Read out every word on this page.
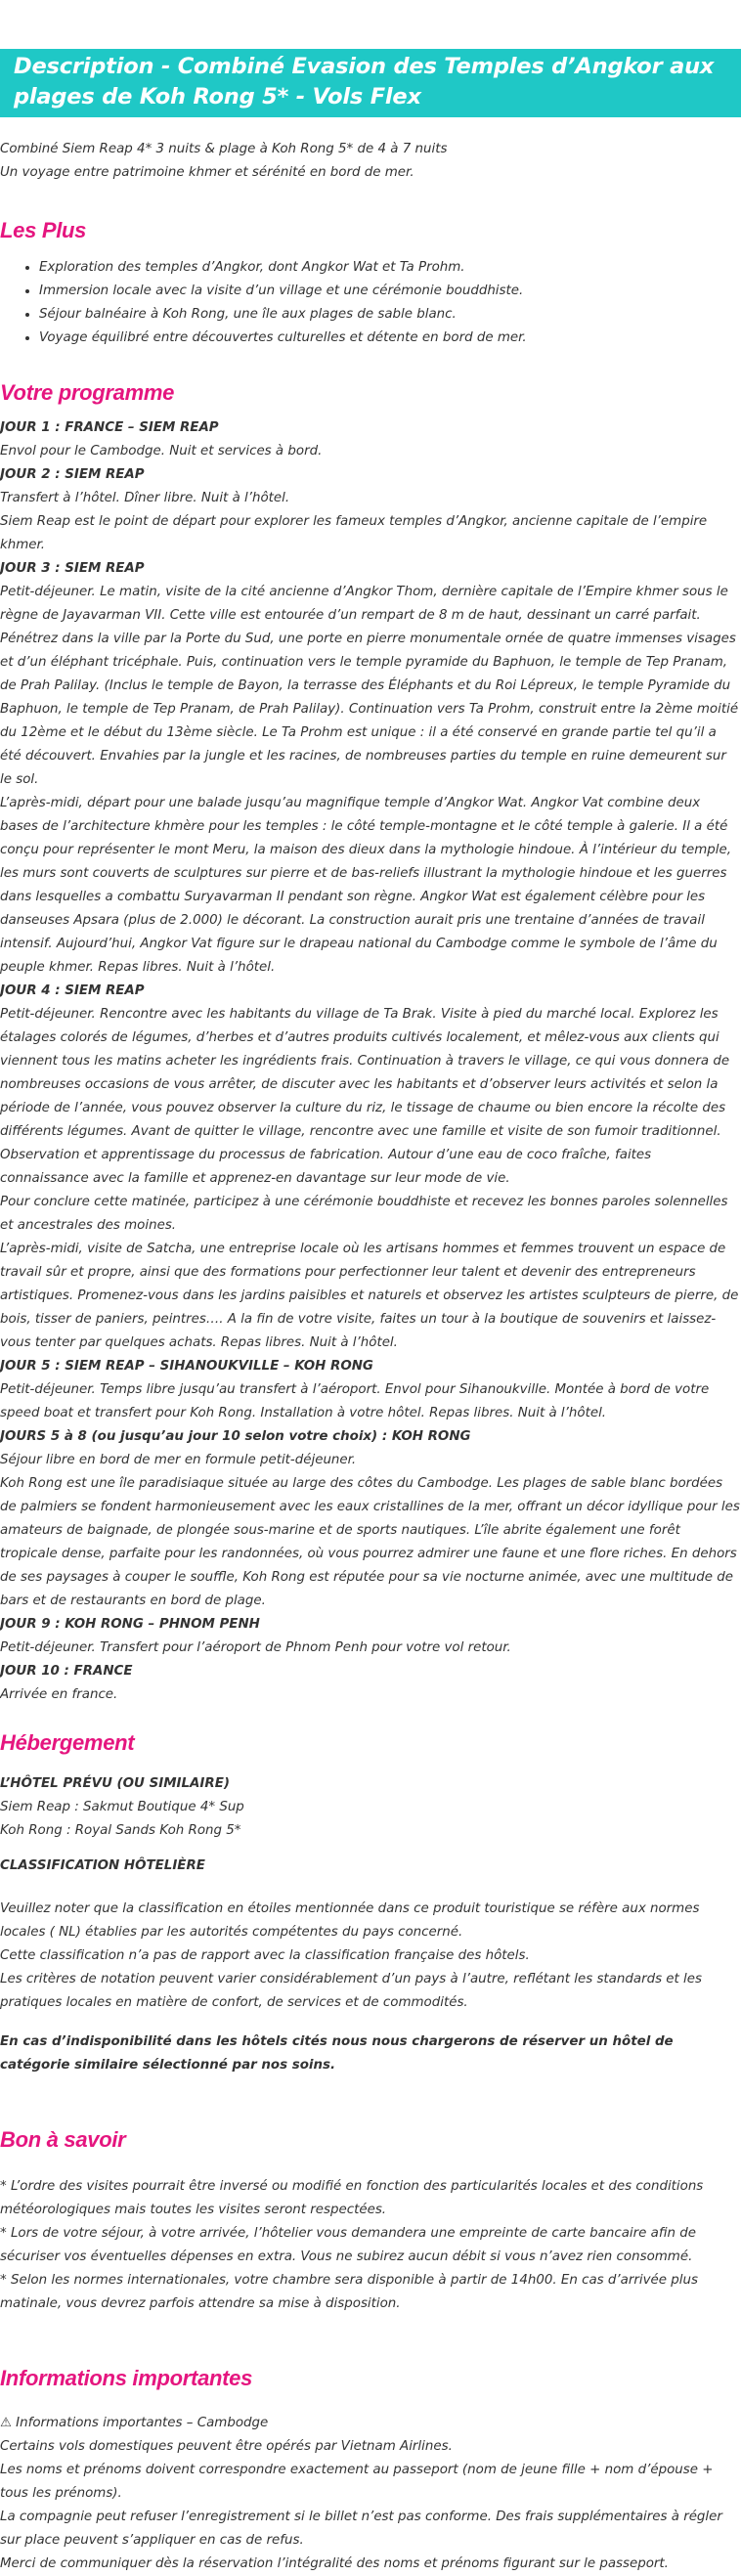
Description - Combiné Evasion des Temples d’Angkor aux plages de Koh Rong 5* - Vols Flex

Combiné Siem Reap 4* 3 nuits & plage à Koh Rong 5* de 4 à 7 nuits

Un voyage entre patrimoine khmer et sérénité en bord de mer.

Les Plus
• Exploration des temples d’Angkor, dont Angkor Wat et Ta Prohm.
• Immersion locale avec la visite d’un village et une cérémonie bouddhiste.
• Séjour balnéaire à Koh Rong, une île aux plages de sable blanc.
• Voyage équilibré entre découvertes culturelles et détente en bord de mer.
Votre programme

JOUR 1 : FRANCE – SIEM REAP

Envol pour le Cambodge. Nuit et services à bord.

JOUR 2 : SIEM REAP

Transfert à l’hôtel. Dîner libre. Nuit à l’hôtel.

Siem Reap est le point de départ pour explorer les fameux temples d’Angkor, ancienne capitale de l’empire khmer.

JOUR 3 : SIEM REAP

Petit-déjeuner. Le matin, visite de la cité ancienne d’Angkor Thom, dernière capitale de l’Empire khmer sous le règne de Jayavarman VII. Cette ville est entourée d’un rempart de 8 m de haut, dessinant un carré parfait. Pénétrez dans la ville par la Porte du Sud, une porte en pierre monumentale ornée de quatre immenses visages et d’un éléphant tricéphale. Puis, continuation vers le temple pyramide du Baphuon, le temple de Tep Pranam, de Prah Palilay. (Inclus le temple de Bayon, la terrasse des Éléphants et du Roi Lépreux, le temple Pyramide du Baphuon, le temple de Tep Pranam, de Prah Palilay). Continuation vers Ta Prohm, construit entre la 2ème moitié du 12ème et le début du 13ème siècle. Le Ta Prohm est unique : il a été conservé en grande partie tel qu’il a été découvert. Envahies par la jungle et les racines, de nombreuses parties du temple en ruine demeurent sur le sol.

L’après-midi, départ pour une balade jusqu’au magnifique temple d’Angkor Wat. Angkor Vat combine deux bases de l’architecture khmère pour les temples : le côté temple-montagne et le côté temple à galerie. Il a été conçu pour représenter le mont Meru, la maison des dieux dans la mythologie hindoue. À l’intérieur du temple, les murs sont couverts de sculptures sur pierre et de bas-reliefs illustrant la mythologie hindoue et les guerres dans lesquelles a combattu Suryavarman II pendant son règne. Angkor Wat est également célèbre pour les danseuses Apsara (plus de 2.000) le décorant. La construction aurait pris une trentaine d’années de travail intensif. Aujourd’hui, Angkor Vat figure sur le drapeau national du Cambodge comme le symbole de l’âme du peuple khmer. Repas libres. Nuit à l’hôtel.

JOUR 4 : SIEM REAP

Petit-déjeuner. Rencontre avec les habitants du village de Ta Brak. Visite à pied du marché local. Explorez les étalages colorés de légumes, d’herbes et d’autres produits cultivés localement, et mêlez-vous aux clients qui viennent tous les matins acheter les ingrédients frais. Continuation à travers le village, ce qui vous donnera de nombreuses occasions de vous arrêter, de discuter avec les habitants et d’observer leurs activités et selon la période de l’année, vous pouvez observer la culture du riz, le tissage de chaume ou bien encore la récolte des différents légumes. Avant de quitter le village, rencontre avec une famille et visite de son fumoir traditionnel. Observation et apprentissage du processus de fabrication. Autour d’une eau de coco fraîche, faites connaissance avec la famille et apprenez-en davantage sur leur mode de vie.

Pour conclure cette matinée, participez à une cérémonie bouddhiste et recevez les bonnes paroles solennelles et ancestrales des moines.

L’après-midi, visite de Satcha, une entreprise locale où les artisans hommes et femmes trouvent un espace de travail sûr et propre, ainsi que des formations pour perfectionner leur talent et devenir des entrepreneurs artistiques. Promenez-vous dans les jardins paisibles et naturels et observez les artistes sculpteurs de pierre, de bois, tisser de paniers, peintres…. A la fin de votre visite, faites un tour à la boutique de souvenirs et laissez-vous tenter par quelques achats. Repas libres. Nuit à l’hôtel.

JOUR 5 : SIEM REAP – SIHANOUKVILLE – KOH RONG

Petit-déjeuner. Temps libre jusqu’au transfert à l’aéroport. Envol pour Sihanoukville. Montée à bord de votre speed boat et transfert pour Koh Rong. Installation à votre hôtel. Repas libres. Nuit à l’hôtel.

JOURS 5 à 8 (ou jusqu’au jour 10 selon votre choix) : KOH RONG

Séjour libre en bord de mer en formule petit-déjeuner.

Koh Rong est une île paradisiaque située au large des côtes du Cambodge. Les plages de sable blanc bordées de palmiers se fondent harmonieusement avec les eaux cristallines de la mer, offrant un décor idyllique pour les amateurs de baignade, de plongée sous-marine et de sports nautiques. L’île abrite également une forêt tropicale dense, parfaite pour les randonnées, où vous pourrez admirer une faune et une flore riches. En dehors de ses paysages à couper le souffle, Koh Rong est réputée pour sa vie nocturne animée, avec une multitude de bars et de restaurants en bord de plage.

JOUR 9 : KOH RONG – PHNOM PENH

Petit-déjeuner. Transfert pour l’aéroport de Phnom Penh pour votre vol retour.

JOUR 10 : FRANCE

Arrivée en france.

Hébergement

L’HÔTEL PRÉVU (OU SIMILAIRE)

Siem Reap : Sakmut Boutique 4* Sup

Koh Rong : Royal Sands Koh Rong 5*

CLASSIFICATION HÔTELIÈRE

Veuillez noter que la classification en étoiles mentionnée dans ce produit touristique se réfère aux normes locales ( NL) établies par les autorités compétentes du pays concerné.

Cette classification n’a pas de rapport avec la classification française des hôtels.

Les critères de notation peuvent varier considérablement d’un pays à l’autre, reflétant les standards et les pratiques locales en matière de confort, de services et de commodités.

En cas d’indisponibilité dans les hôtels cités nous nous chargerons de réserver un hôtel de catégorie similaire sélectionné par nos soins.

Bon à savoir

* L’ordre des visites pourrait être inversé ou modifié en fonction des particularités locales et des conditions météorologiques mais toutes les visites seront respectées.

* Lors de votre séjour, à votre arrivée, l’hôtelier vous demandera une empreinte de carte bancaire afin de sécuriser vos éventuelles dépenses en extra. Vous ne subirez aucun débit si vous n’avez rien consommé.

* Selon les normes internationales, votre chambre sera disponible à partir de 14h00. En cas d’arrivée plus matinale, vous devrez parfois attendre sa mise à disposition.

Informations importantes

⚠ Informations importantes – Cambodge

Certains vols domestiques peuvent être opérés par Vietnam Airlines.

Les noms et prénoms doivent correspondre exactement au passeport (nom de jeune fille + nom d’épouse + tous les prénoms).

La compagnie peut refuser l’enregistrement si le billet n’est pas conforme. Des frais supplémentaires à régler sur place peuvent s’appliquer en cas de refus.

Merci de communiquer dès la réservation l’intégralité des noms et prénoms figurant sur le passeport.
